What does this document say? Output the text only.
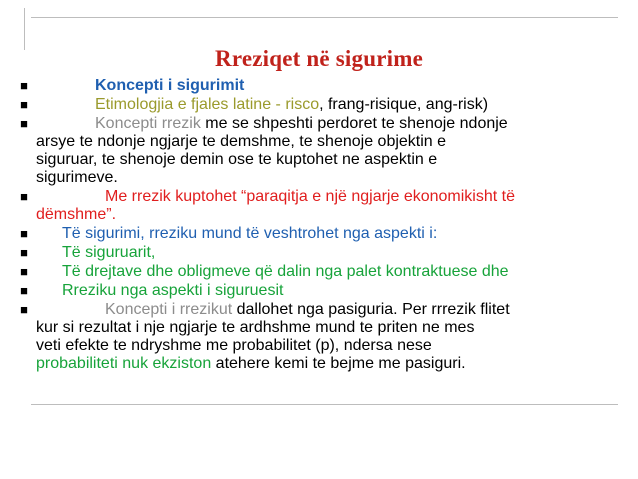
Rreziqet në sigurime
■	Koncepti i sigurimit
■	Etimologjia e fjales latine - risco, frang-risique, ang-risk)
■	Koncepti rrezik me se shpeshti perdoret te shenoje ndonje
arsye te ndonje ngjarje te demshme, te shenoje objektin e
siguruar, te shenoje demin ose te kuptohet ne aspektin e
sigurimeve.
■	Me rrezik kuptohet “paraqitja e një ngjarje ekonomikisht të
dëmshme”.
■ Të sigurimi, rreziku mund të veshtrohet nga aspekti i:
■ Të siguruarit,
■ Të drejtave dhe obligmeve që dalin nga palet kontraktuese dhe
■ Rreziku nga aspekti i siguruesit
■	Koncepti i rrezikut dallohet nga pasiguria. Per rrrezik flitet
kur si rezultat i nje ngjarje te ardhshme mund te priten ne mes
veti efekte te ndryshme me probabilitet (p), ndersa nese
probabiliteti nuk ekziston atehere kemi te bejme me pasiguri.
